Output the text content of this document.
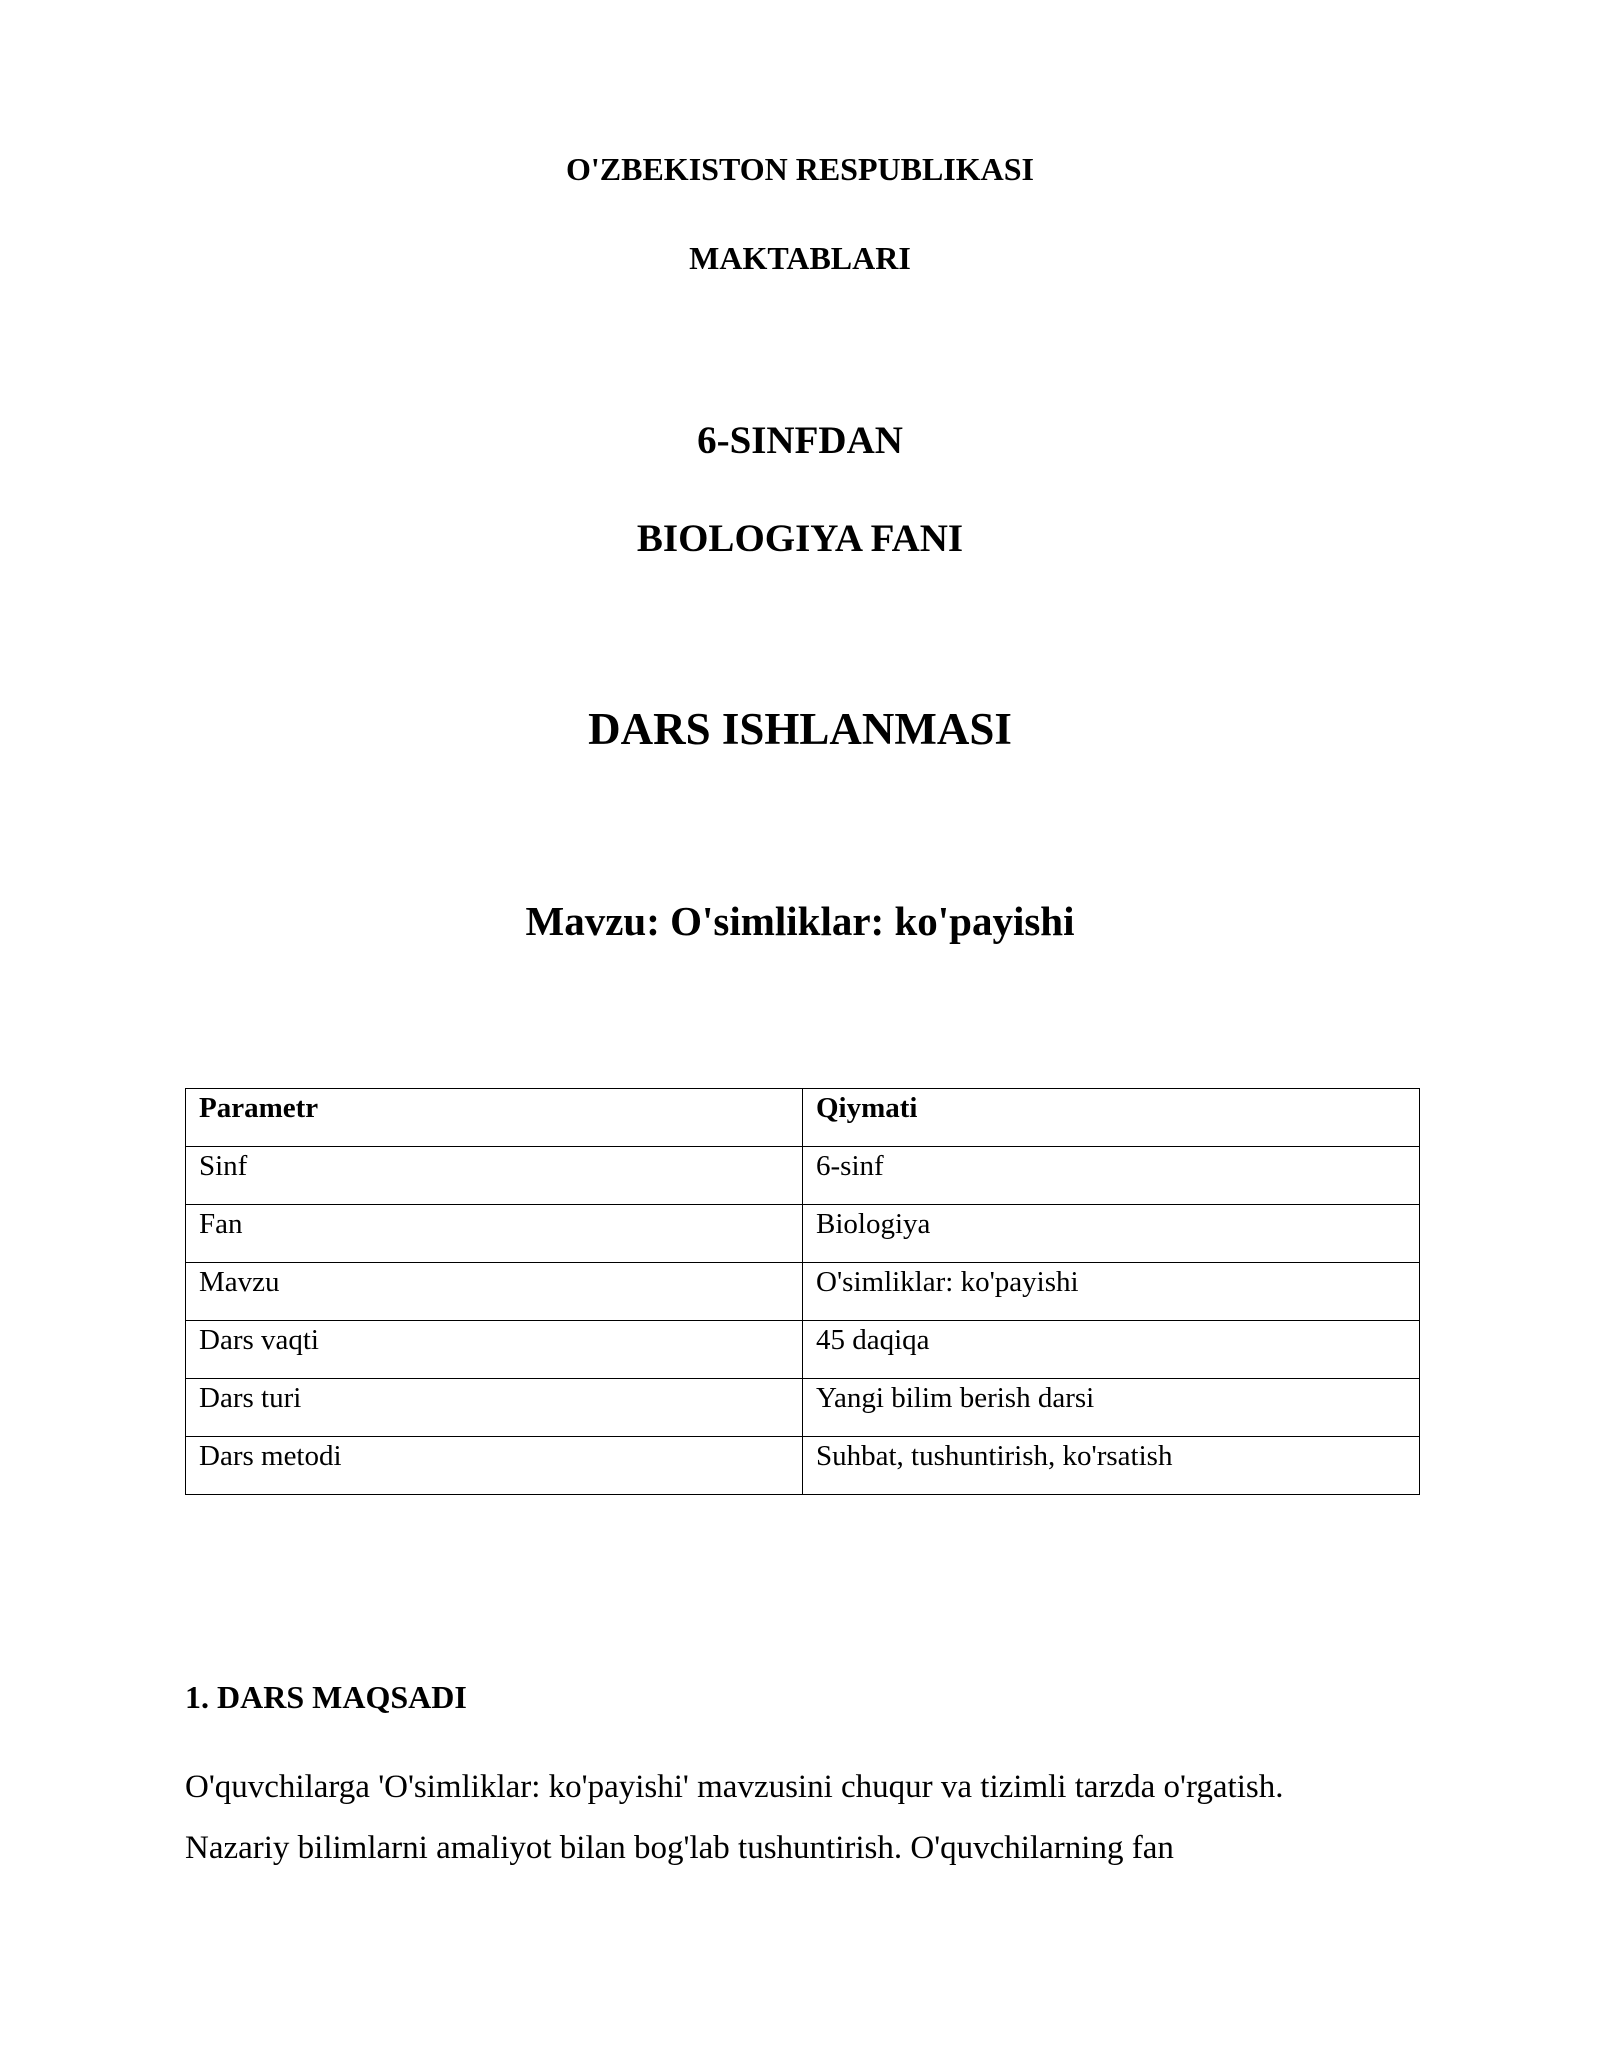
O'ZBEKISTON RESPUBLIKASI
MAKTABLARI
6-SINFDAN
BIOLOGIYA FANI
DARS ISHLANMASI
Mavzu: O'simliklar: ko'payishi
Parametr	Qiymati
Sinf	6-sinf
Fan	Biologiya
Mavzu	O'simliklar: ko'payishi
Dars vaqti	45 daqiqa
Dars turi	Yangi bilim berish darsi
Dars metodi	Suhbat, tushuntirish, ko'rsatish
1. DARS MAQSADI
O'quvchilarga 'O'simliklar: ko'payishi' mavzusini chuqur va tizimli tarzda o'rgatish.
Nazariy bilimlarni amaliyot bilan bog'lab tushuntirish. O'quvchilarning fan
